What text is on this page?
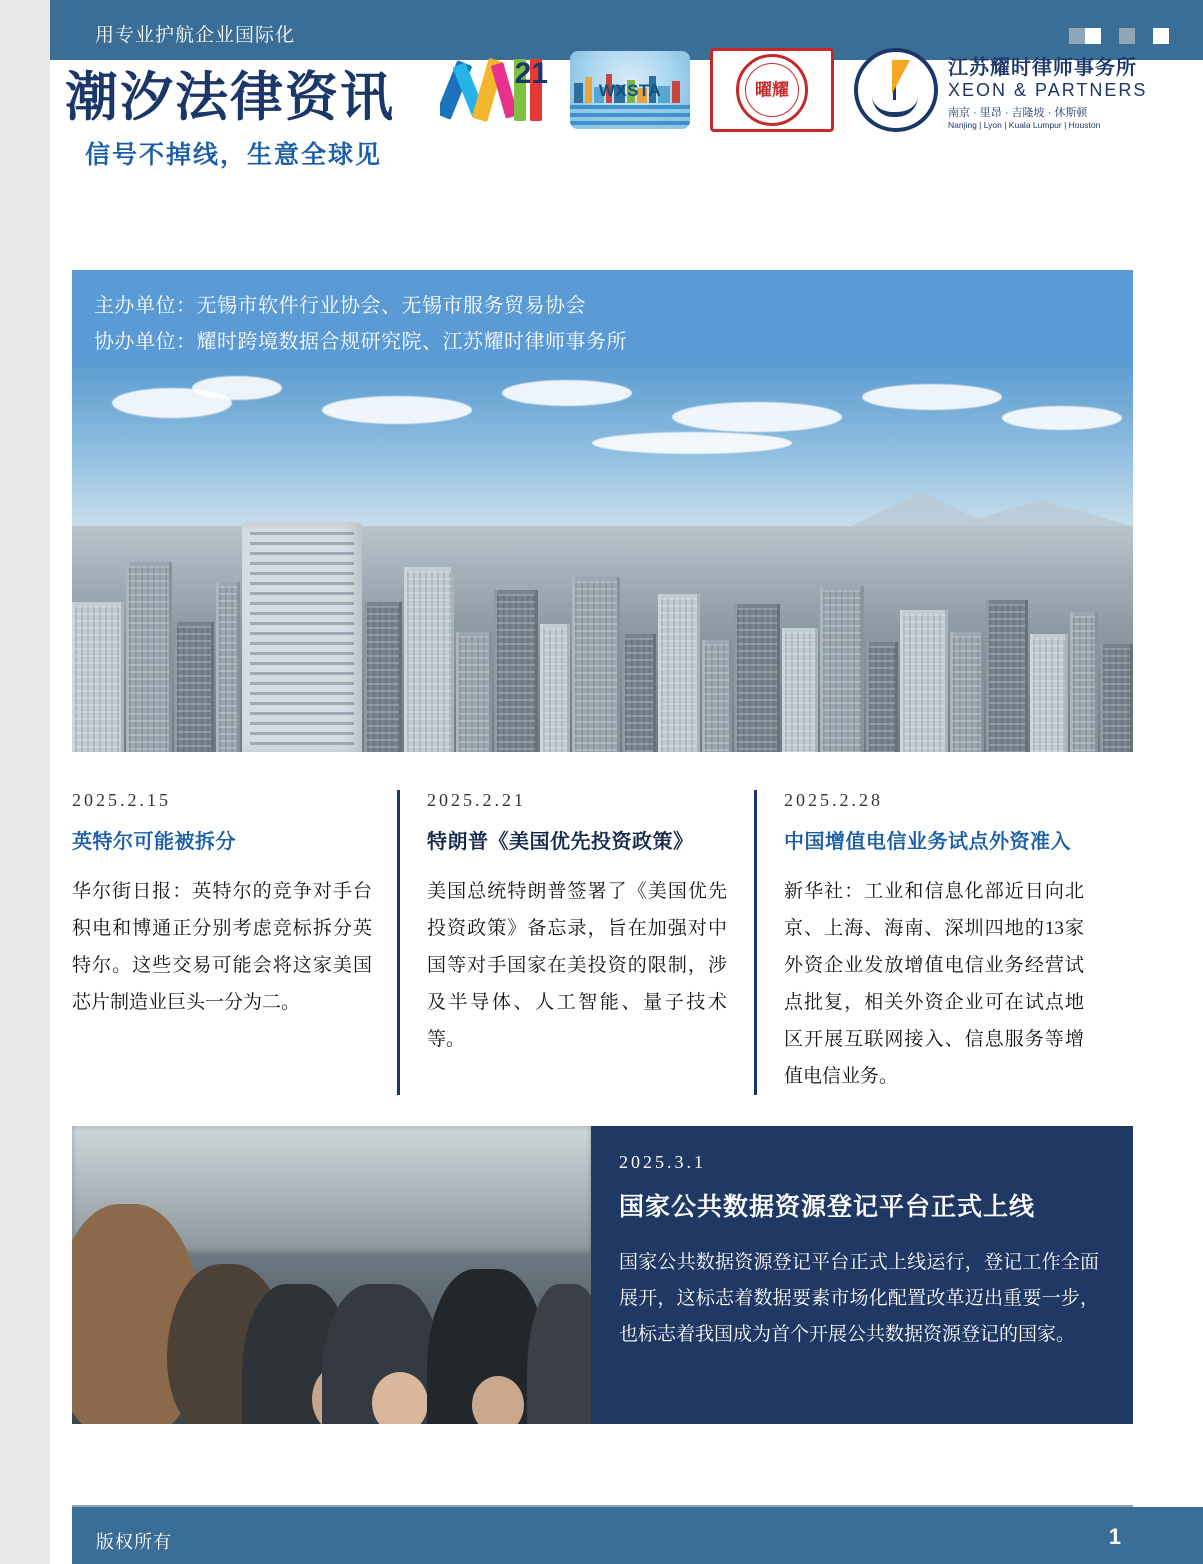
用专业护航企业国际化
潮汐法律资讯
信号不掉线，生意全球见
21
WXSTA	曜耀
江苏耀时律师事务所
XEON & PARTNERS
南京 · 里昂 · 吉隆坡 · 休斯顿
Nanjing | Lyon | Kuala Lumpur | Houston
主办单位：无锡市软件行业协会、无锡市服务贸易协会
协办单位：耀时跨境数据合规研究院、江苏耀时律师事务所
2025.2.15
英特尔可能被拆分
华尔街日报：英特尔的竞争对手台积电和博通正分别考虑竞标拆分英特尔。这些交易可能会将这家美国芯片制造业巨头一分为二。
2025.2.21
特朗普《美国优先投资政策》
美国总统特朗普签署了《美国优先投资政策》备忘录，旨在加强对中国等对手国家在美投资的限制，涉及半导体、人工智能、量子技术等。
2025.2.28
中国增值电信业务试点外资准入
新华社：工业和信息化部近日向北京、上海、海南、深圳四地的13家外资企业发放增值电信业务经营试点批复，相关外资企业可在试点地区开展互联网接入、信息服务等增值电信业务。
2025.3.1
国家公共数据资源登记平台正式上线
国家公共数据资源登记平台正式上线运行，登记工作全面展开，这标志着数据要素市场化配置改革迈出重要一步，也标志着我国成为首个开展公共数据资源登记的国家。
版权所有	1
